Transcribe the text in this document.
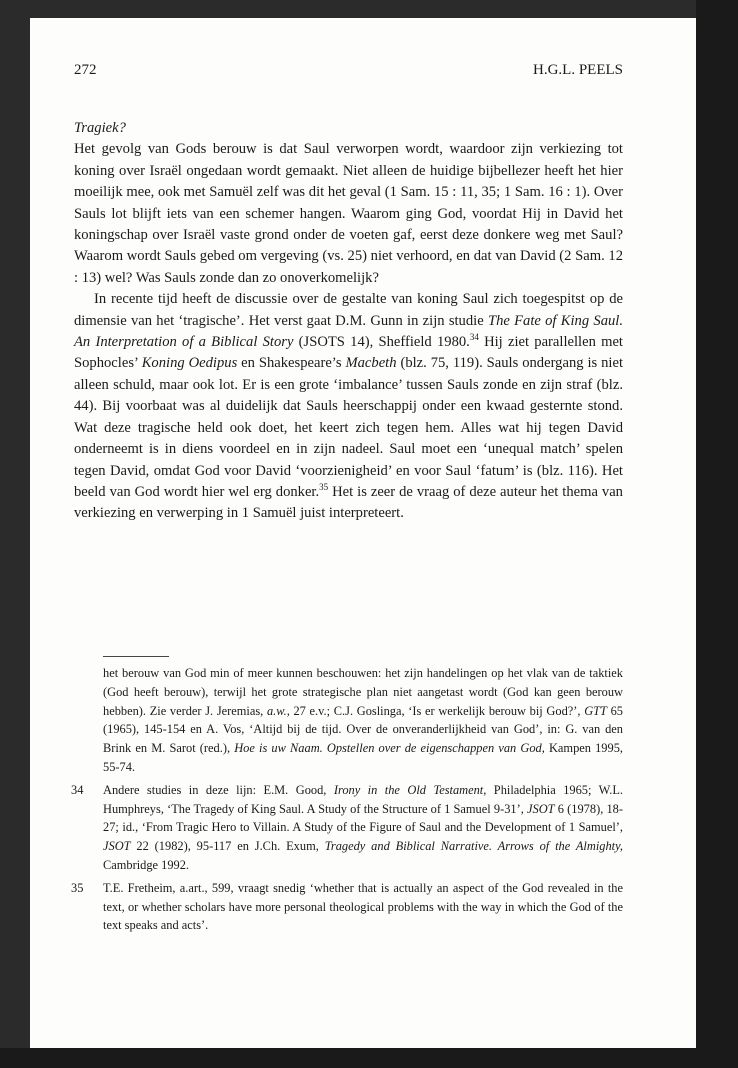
272	H.G.L. PEELS
Tragiek?

Het gevolg van Gods berouw is dat Saul verworpen wordt, waardoor zijn verkiezing tot koning over Israël ongedaan wordt gemaakt. Niet alleen de huidige bijbellezer heeft het hier moeilijk mee, ook met Samuël zelf was dit het geval (1 Sam. 15 : 11, 35; 1 Sam. 16 : 1). Over Sauls lot blijft iets van een schemer hangen. Waarom ging God, voordat Hij in David het koningschap over Israël vaste grond onder de voeten gaf, eerst deze donkere weg met Saul? Waarom wordt Sauls gebed om vergeving (vs. 25) niet verhoord, en dat van David (2 Sam. 12 : 13) wel? Was Sauls zonde dan zo onoverkomelijk?

In recente tijd heeft de discussie over de gestalte van koning Saul zich toegespitst op de dimensie van het ‘tragische’. Het verst gaat D.M. Gunn in zijn studie The Fate of King Saul. An Interpretation of a Biblical Story (JSOTS 14), Sheffield 1980.34 Hij ziet parallellen met Sophocles’ Koning Oedipus en Shakespeare’s Macbeth (blz. 75, 119). Sauls ondergang is niet alleen schuld, maar ook lot. Er is een grote ‘imbalance’ tussen Sauls zonde en zijn straf (blz. 44). Bij voorbaat was al duidelijk dat Sauls heerschappij onder een kwaad gesternte stond. Wat deze tragische held ook doet, het keert zich tegen hem. Alles wat hij tegen David onderneemt is in diens voordeel en in zijn nadeel. Saul moet een ‘unequal match’ spelen tegen David, omdat God voor David ‘voorzienigheid’ en voor Saul ‘fatum’ is (blz. 116). Het beeld van God wordt hier wel erg donker.$^{35}$ Het is zeer de vraag of deze auteur het thema van verkiezing en verwerping in 1 Samuël juist interpreteert.

het berouw van God min of meer kunnen beschouwen: het zijn handelingen op het vlak van de taktiek (God heeft berouw), terwijl het grote strategische plan niet aangetast wordt (God kan geen berouw hebben). Zie verder J. Jeremias, a.w., 27 e.v.; C.J. Goslinga, ‘Is er werkelijk berouw bij God?’, GTT 65 (1965), 145-154 en A. Vos, ‘Altijd bij de tijd. Over de onveranderlijkheid van God’, in: G. van den Brink en M. Sarot (red.), Hoe is uw Naam. Opstellen over de eigenschappen van God, Kampen 1995, 55-74.

34 Andere studies in deze lijn: E.M. Good, Irony in the Old Testament, Philadelphia 1965; W.L. Humphreys, ‘The Tragedy of King Saul. A Study of the Structure of 1 Samuel 9-31’, JSOT 6 (1978), 18-27; id., ‘From Tragic Hero to Villain. A Study of the Figure of Saul and the Development of 1 Samuel’, JSOT 22 (1982), 95-117 en J.Ch. Exum, Tragedy and Biblical Narrative. Arrows of the Almighty, Cambridge 1992.

35 T.E. Fretheim, a.art., 599, vraagt snedig ‘whether that is actually an aspect of the God revealed in the text, or whether scholars have more personal theological problems with the way in which the God of the text speaks and acts’.
